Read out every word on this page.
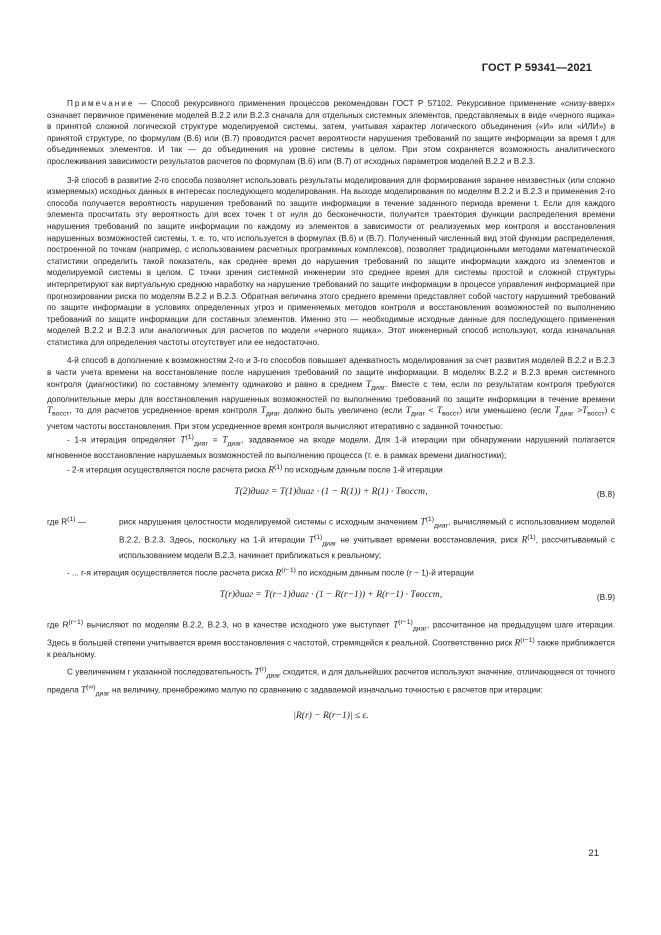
ГОСТ Р 59341—2021

Примечание — Способ рекурсивного применения процессов рекомендован ГОСТ Р 57102. Рекурсивное применение «снизу-вверх» означает первичное применение моделей В.2.2 или В.2.3 сначала для отдельных системных элементов, представляемых в виде «черного ящика» в принятой сложной логической структуре моделируемой системы, затем, учитывая характер логического объединения («И» или «ИЛИ») в принятой структуре, по формулам (В.6) или (В.7) проводится расчет вероятности нарушения требований по защите информации за время t для объединяемых элементов. И так — до объединения на уровне системы в целом. При этом сохраняется возможность аналитического прослеживания зависимости результатов расчетов по формулам (В.6) или (В.7) от исходных параметров моделей В.2.2 и В.2.3.

3-й способ в развитие 2-го способа позволяет использовать результаты моделирования для формирования заранее неизвестных (или сложно измеряемых) исходных данных в интересах последующего моделирования. На выходе моделирования по моделям В.2.2 и В.2.3 и применения 2-го способа получается вероятность нарушения требований по защите информации в течение заданного периода времени t. Если для каждого элемента просчитать эту вероятность для всех точек t от нуля до бесконечности, получится траектория функции распределения времени нарушения требований по защите информации по каждому из элементов в зависимости от реализуемых мер контроля и восстановления нарушенных возможностей системы, т. е. то, что используется в формулах (В.6) и (В.7). Полученный численный вид этой функции распределения, построенной по точкам (например, с использованием расчетных программных комплексов), позволяет традиционными методами математической статистики определить такой показатель, как среднее время до нарушения требований по защите информации каждого из элементов и моделируемой системы в целом. С точки зрения системной инженерии это среднее время для системы простой и сложной структуры интерпретируют как виртуальную среднюю наработку на нарушение требований по защите информации в процессе управления информацией при прогнозировании риска по моделям В.2.2 и В.2.3. Обратная величина этого среднего времени представляет собой частоту нарушений требований по защите информации в условиях определенных угроз и применяемых методов контроля и восстановления возможностей по выполнению требований по защите информации для составных элементов. Именно это — необходимые исходные данные для последующего применения моделей В.2.2 и В.2.3 или аналогичных для расчетов по модели «черного ящика». Этот инженерный способ используют, когда изначальная статистика для определения частоты отсутствует или ее недостаточно.

4-й способ в дополнение к возможностям 2-го и 3-го способов повышает адекватность моделирования за счет развития моделей В.2.2 и В.2.3 в части учета времени на восстановление после нарушения требований по защите информации. В моделях В.2.2 и В.2.3 время системного контроля (диагностики) по составному элементу одинаково и равно в среднем $T_{диаг}$. Вместе с тем, если по результатам контроля требуются дополнительные меры для восстановления нарушенных возможностей по выполнению требований по защите информации в течение времени $T_{восст}$, то для расчетов усредненное время контроля $T_{диаг}$ должно быть увеличено (если $T_{диаг} < T_{восст}$) или уменьшено (если $T_{диаг} >T_{восст}$) с учетом частоты восстановления. При этом усредненное время контроля вычисляют итеративно с заданной точностью:

- 1-я итерация определяет $T^{(1)}_{диаг} = T_{диаг}$, задаваемое на входе модели. Для 1-й итерации при обнаружении нарушений полагается мгновенное восстановление нарушаемых возможностей по выполнению процесса (т. е. в рамках времени диагностики);

- 2-я итерация осуществляется после расчета риска $R^{(1)}$ по исходным данным после 1-й итерации

T(2)диаг = T(1)диаг · (1 − R(1)) + R(1) · Tвосст,	(В.8)
где $R^{(1)}$ —	риск нарушения целостности моделируемой системы с исходным значением $T^{(1)}_{диаг}$, вычисляемый с использованием моделей В.2.2, В.2.3. Здесь, поскольку на 1-й итерации $T^{(1)}_{диаг}$ не учитывает времени восстановления, риск $R^{(1)}$, рассчитываемый с использованием модели В.2.3, начинает приближаться к реальному;

- ... r-я итерация осуществляется после расчета риска $R^{(r-1)}$ по исходным данным после (r − 1)-й итерации

T(r)диаг = T(r−1)диаг · (1 − R(r−1)) + R(r−1) · Tвосст,	(В.9)

где $R^{(r-1)}$ вычисляют по моделям В.2.2, В.2.3, но в качестве исходного уже выступает $T^{(r-1)}_{диаг}$, рассчитанное на предыдущем шаге итерации. Здесь в большей степени учитывается время восстановления с частотой, стремящейся к реальной. Соответственно риск $R^{(r-1)}$ также приближается к реальному.

С увеличением r указанной последовательность $T^{(r)}_{диаг}$ сходится, и для дальнейших расчетов используют значение, отличающееся от точного предела $T^{(\infty)}_{диаг}$ на величину, пренебрежимо малую по сравнению с задаваемой изначально точностью ε расчетов при итерации:

|R(r) − R(r−1)| ≤ ε.
21
